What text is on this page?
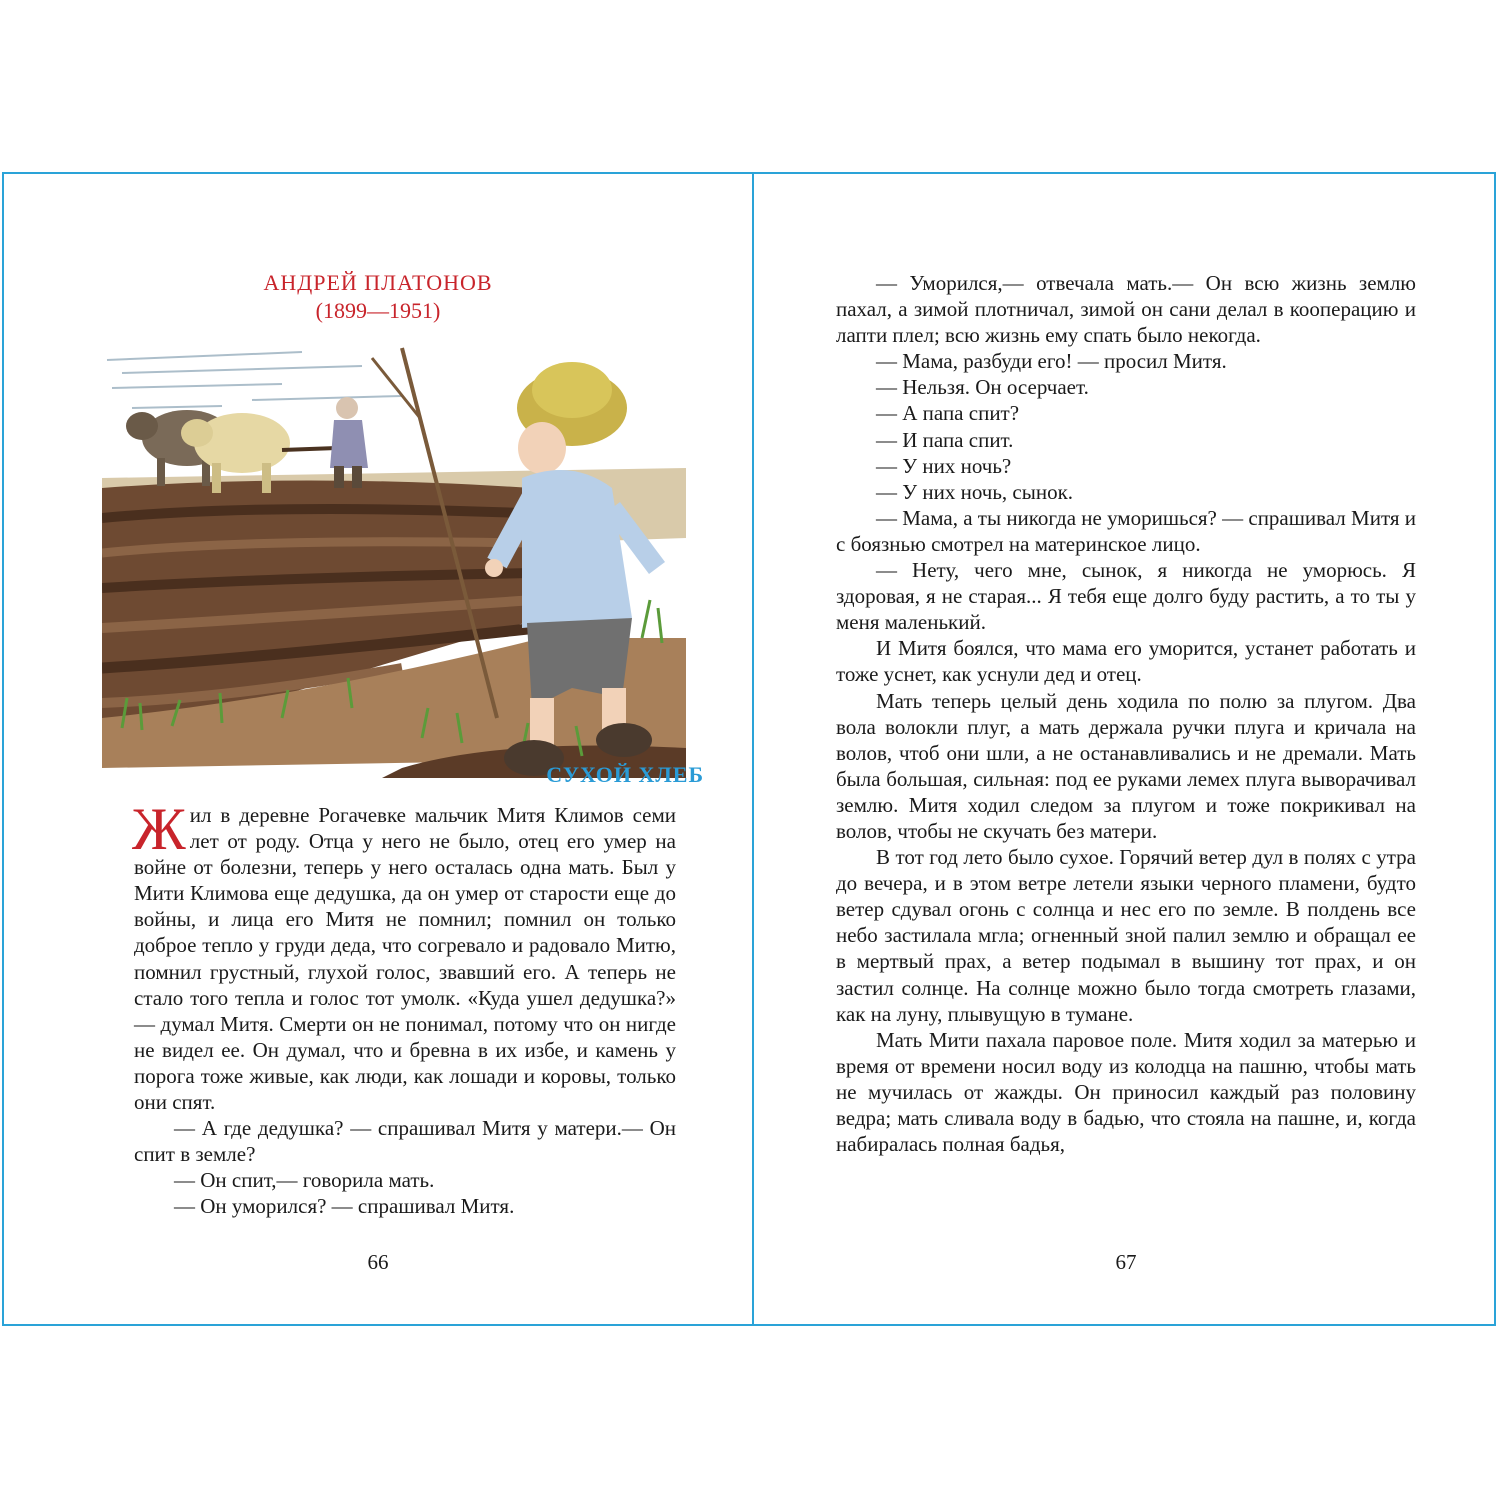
АНДРЕЙ ПЛАТОНОВ
(1899—1951)
СУХОЙ ХЛЕБ

Жил в деревне Рогачевке мальчик Митя Климов семи лет от роду. Отца у него не было, отец его умер на войне от болезни, теперь у него осталась одна мать. Был у Мити Климова еще дедушка, да он умер от старости еще до войны, и лица его Митя не помнил; помнил он только доброе тепло у груди деда, что согревало и радовало Митю, помнил грустный, глухой голос, звавший его. А теперь не стало того тепла и голос тот умолк. «Куда ушел дедушка?» — думал Митя. Смерти он не понимал, потому что он нигде не видел ее. Он думал, что и бревна в их избе, и камень у порога тоже живые, как люди, как лошади и коровы, только они спят.

— А где дедушка? — спрашивал Митя у матери.— Он спит в земле?

— Он спит,— говорила мать.

— Он уморился? — спрашивал Митя.

66

— Уморился,— отвечала мать.— Он всю жизнь землю пахал, а зимой плотничал, зимой он сани делал в кооперацию и лапти плел; всю жизнь ему спать было некогда.

— Мама, разбуди его! — просил Митя.

— Нельзя. Он осерчает.

— А папа спит?

— И папа спит.

— У них ночь?

— У них ночь, сынок.

— Мама, а ты никогда не уморишься? — спрашивал Митя и с боязнью смотрел на материнское лицо.

— Нету, чего мне, сынок, я никогда не уморюсь. Я здоровая, я не старая... Я тебя еще долго буду растить, а то ты у меня маленький.

И Митя боялся, что мама его уморится, устанет работать и тоже уснет, как уснули дед и отец.

Мать теперь целый день ходила по полю за плугом. Два вола волокли плуг, а мать держала ручки плуга и кричала на волов, чтоб они шли, а не останавливались и не дремали. Мать была большая, сильная: под ее руками лемех плуга выворачивал землю. Митя ходил следом за плугом и тоже покрикивал на волов, чтобы не скучать без матери.

В тот год лето было сухое. Горячий ветер дул в полях с утра до вечера, и в этом ветре летели языки черного пламени, будто ветер сдувал огонь с солнца и нес его по земле. В полдень все небо застилала мгла; огненный зной палил землю и обращал ее в мертвый прах, а ветер подымал в вышину тот прах, и он застил солнце. На солнце можно было тогда смотреть глазами, как на луну, плывущую в тумане.

Мать Мити пахала паровое поле. Митя ходил за матерью и время от времени носил воду из колодца на пашню, чтобы мать не мучилась от жажды. Он приносил каждый раз половину ведра; мать сливала воду в бадью, что стояла на пашне, и, когда набиралась полная бадья,

67
